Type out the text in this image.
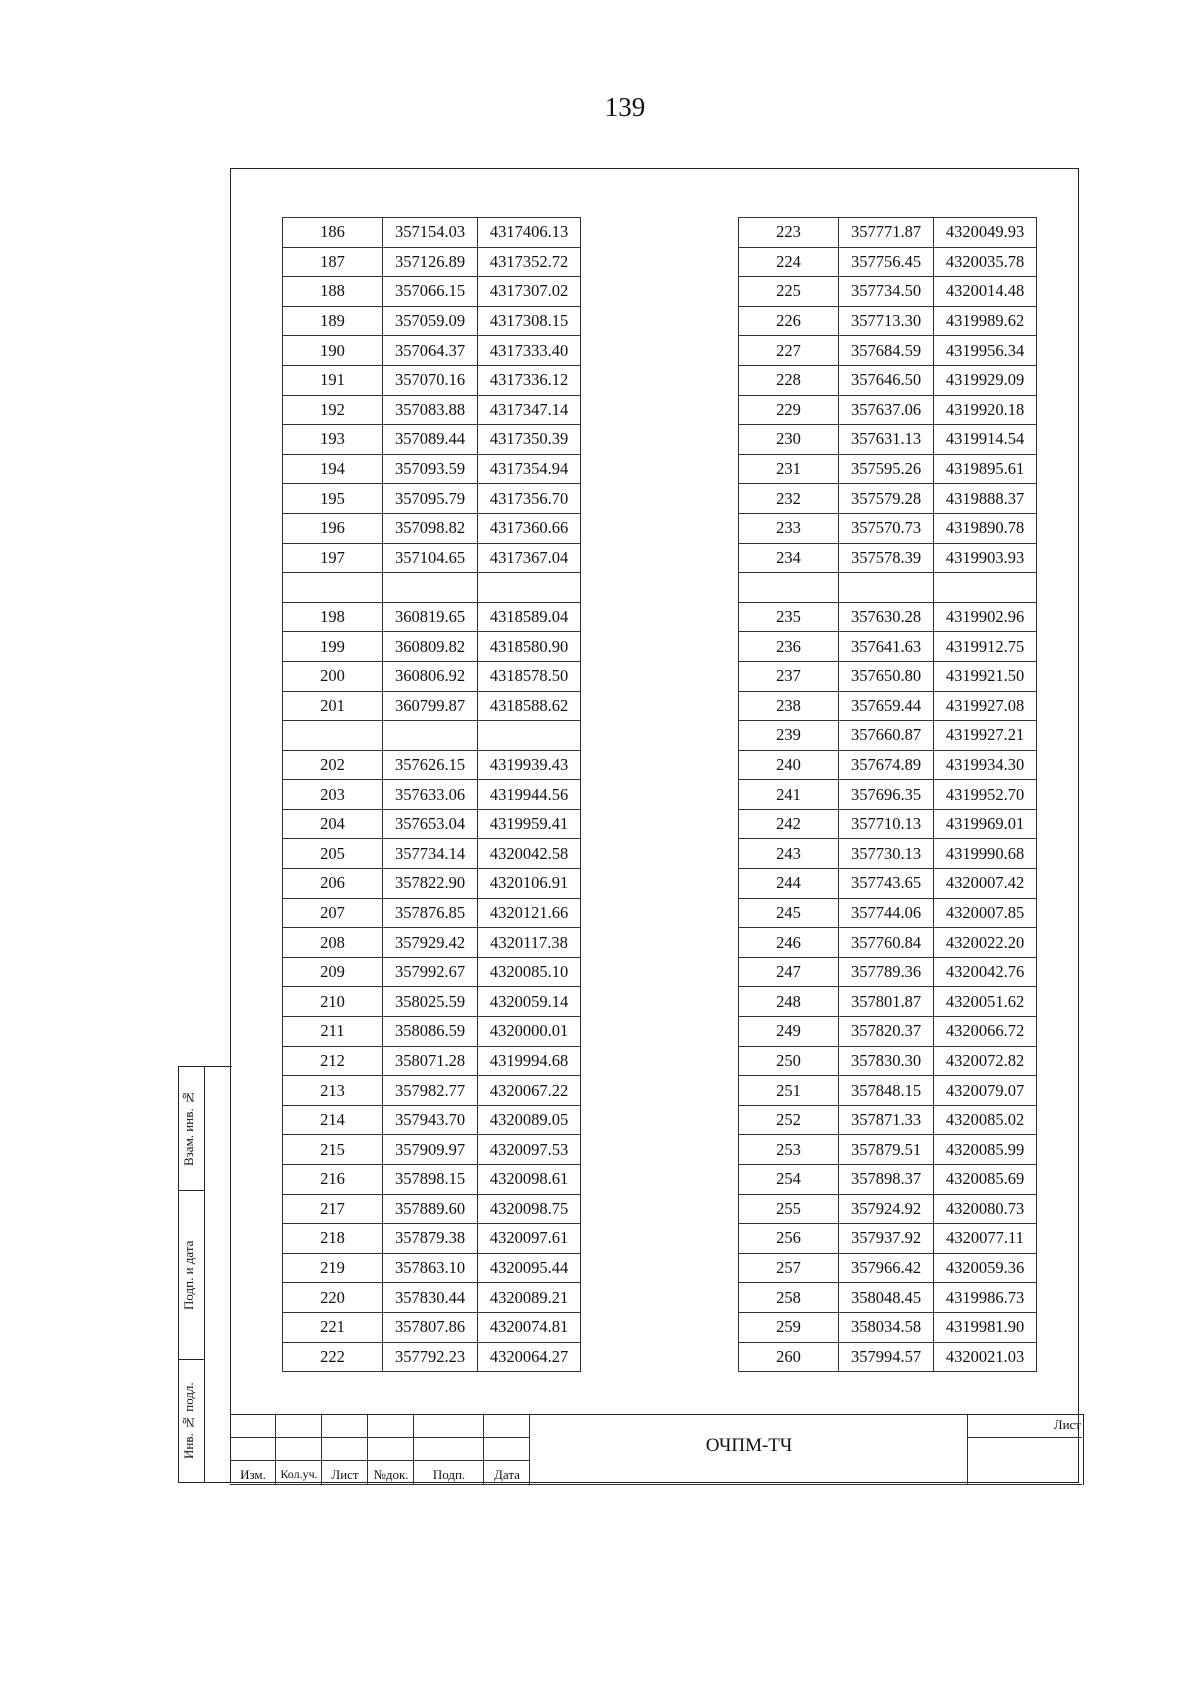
139
186	357154.03	4317406.13
187	357126.89	4317352.72
188	357066.15	4317307.02
189	357059.09	4317308.15
190	357064.37	4317333.40
191	357070.16	4317336.12
192	357083.88	4317347.14
193	357089.44	4317350.39
194	357093.59	4317354.94
195	357095.79	4317356.70
196	357098.82	4317360.66
197	357104.65	4317367.04

198	360819.65	4318589.04
199	360809.82	4318580.90
200	360806.92	4318578.50
201	360799.87	4318588.62

202	357626.15	4319939.43
203	357633.06	4319944.56
204	357653.04	4319959.41
205	357734.14	4320042.58
206	357822.90	4320106.91
207	357876.85	4320121.66
208	357929.42	4320117.38
209	357992.67	4320085.10
210	358025.59	4320059.14
211	358086.59	4320000.01
212	358071.28	4319994.68
213	357982.77	4320067.22
214	357943.70	4320089.05
215	357909.97	4320097.53
216	357898.15	4320098.61
217	357889.60	4320098.75
218	357879.38	4320097.61
219	357863.10	4320095.44
220	357830.44	4320089.21
221	357807.86	4320074.81
222	357792.23	4320064.27
223	357771.87	4320049.93
224	357756.45	4320035.78
225	357734.50	4320014.48
226	357713.30	4319989.62
227	357684.59	4319956.34
228	357646.50	4319929.09
229	357637.06	4319920.18
230	357631.13	4319914.54
231	357595.26	4319895.61
232	357579.28	4319888.37
233	357570.73	4319890.78
234	357578.39	4319903.93

235	357630.28	4319902.96
236	357641.63	4319912.75
237	357650.80	4319921.50
238	357659.44	4319927.08
239	357660.87	4319927.21
240	357674.89	4319934.30
241	357696.35	4319952.70
242	357710.13	4319969.01
243	357730.13	4319990.68
244	357743.65	4320007.42
245	357744.06	4320007.85
246	357760.84	4320022.20
247	357789.36	4320042.76
248	357801.87	4320051.62
249	357820.37	4320066.72
250	357830.30	4320072.82
251	357848.15	4320079.07
252	357871.33	4320085.02
253	357879.51	4320085.99
254	357898.37	4320085.69
255	357924.92	4320080.73
256	357937.92	4320077.11
257	357966.42	4320059.36
258	358048.45	4319986.73
259	358034.58	4319981.90
260	357994.57	4320021.03
Взам. инв. №
Подп. и дата
Инв. № подл.
Изм.	Кол.уч.	Лист	№док.	Подп.	Дата
ОЧПМ-ТЧ
Лист
